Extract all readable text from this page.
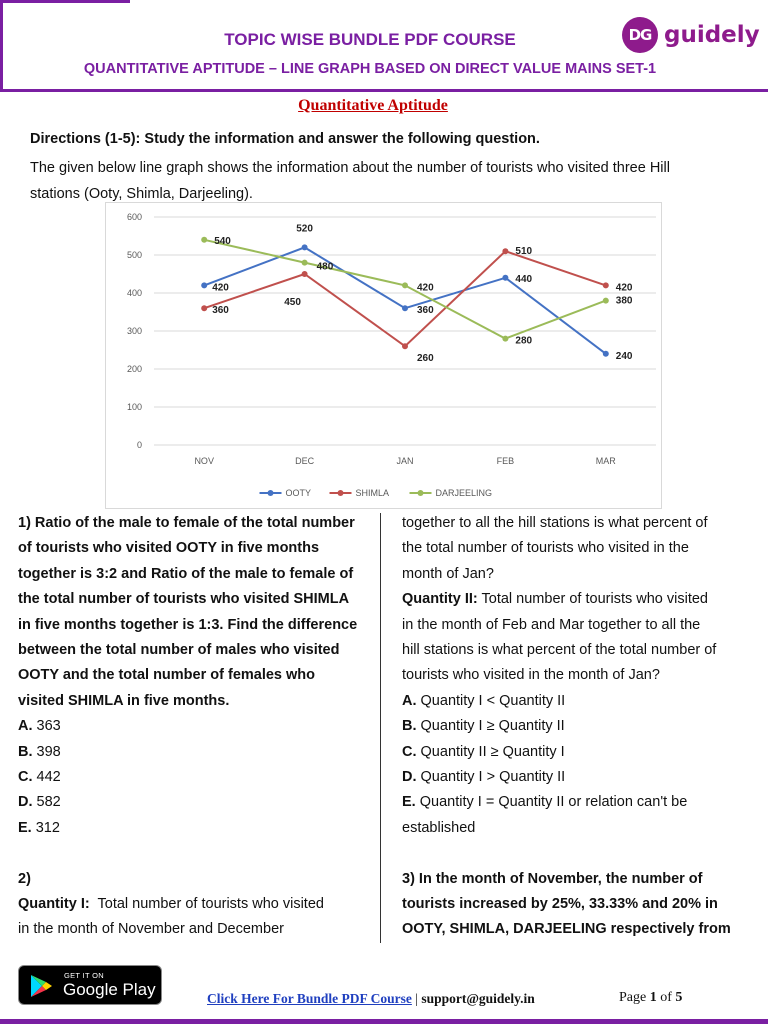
TOPIC WISE BUNDLE PDF COURSE
QUANTITATIVE APTITUDE – LINE GRAPH BASED ON DIRECT VALUE MAINS SET-1
DG guidely
Quantitative Aptitude
Directions (1-5): Study the information and answer the following question.
The given below line graph shows the information about the number of tourists who visited three Hill
stations (Ooty, Shimla, Darjeeling).
0
100
200
300
400
500
600
NOV	DEC	JAN	FEB	MAR
420
520
360
440
240
360
450
260
510
420
540
480
420
280
380
OOTY	SHIMLA	DARJEELING
1) Ratio of the male to female of the total number
of tourists who visited OOTY in five months
together is 3:2 and Ratio of the male to female of
the total number of tourists who visited SHIMLA
in five months together is 1:3. Find the difference
between the total number of males who visited
OOTY and the total number of females who
visited SHIMLA in five months.
A. 363
B. 398
C. 442
D. 582
E. 312
2)
Quantity I: Total number of tourists who visited
in the month of November and December
together to all the hill stations is what percent of
the total number of tourists who visited in the
month of Jan?
Quantity II: Total number of tourists who visited
in the month of Feb and Mar together to all the
hill stations is what percent of the total number of
tourists who visited in the month of Jan?
A. Quantity I < Quantity II
B. Quantity I ≥ Quantity II
C. Quantity II ≥ Quantity I
D. Quantity I > Quantity II
E. Quantity I = Quantity II or relation can't be
established
3) In the month of November, the number of
tourists increased by 25%, 33.33% and 20% in
OOTY, SHIMLA, DARJEELING respectively from
GET IT ON
Google Play	Click Here For Bundle PDF Course | support@guidely.in	Page 1 of 5
